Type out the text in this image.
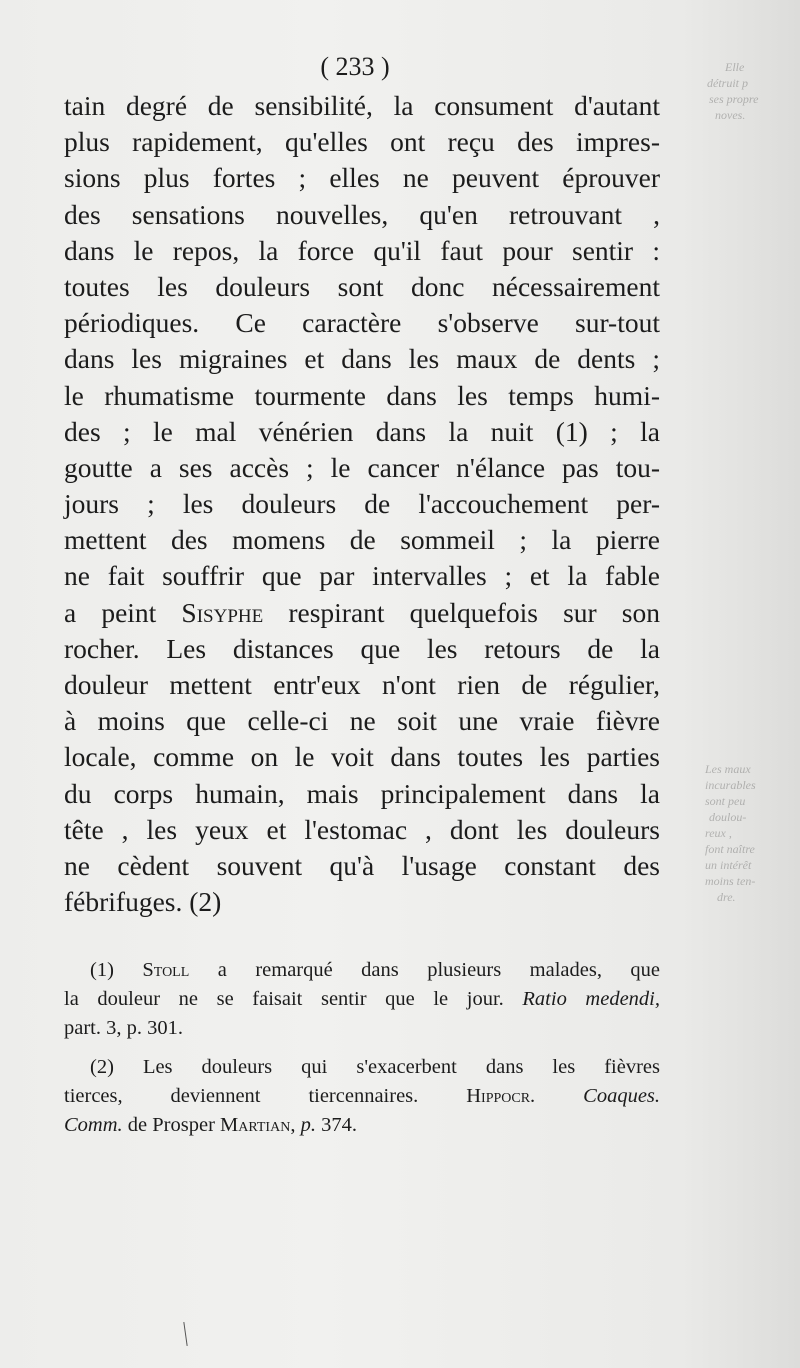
Elle
détruit p
ses propre
noves.
Les maux
incurables
sont peu
doulou-
reux ,
font naître
un intérêt
moins ten-
dre.
( 233 )
tain degré de sensibilité, la consument d'autant
plus rapidement, qu'elles ont reçu des impres-
sions plus fortes ; elles ne peuvent éprouver
des sensations nouvelles, qu'en retrouvant ,
dans le repos, la force qu'il faut pour sentir :
toutes les douleurs sont donc nécessairement
périodiques. Ce caractère s'observe sur-tout
dans les migraines et dans les maux de dents ;
le rhumatisme tourmente dans les temps humi-
des ; le mal vénérien dans la nuit (1) ; la
goutte a ses accès ; le cancer n'élance pas tou-
jours ; les douleurs de l'accouchement per-
mettent des momens de sommeil ; la pierre
ne fait souffrir que par intervalles ; et la fable
a peint Sisyphe respirant quelquefois sur son
rocher. Les distances que les retours de la
douleur mettent entr'eux n'ont rien de régulier,
à moins que celle-ci ne soit une vraie fièvre
locale, comme on le voit dans toutes les parties
du corps humain, mais principalement dans la
tête , les yeux et l'estomac , dont les douleurs
ne cèdent souvent qu'à l'usage constant des
fébrifuges. (2)
(1) Stoll a remarqué dans plusieurs malades, que
la douleur ne se faisait sentir que le jour. Ratio medendi,
part. 3, p. 301.
(2) Les douleurs qui s'exacerbent dans les fièvres
tierces, deviennent tiercennaires. Hippocr. Coaques.
Comm. de Prosper Martian, p. 374.
